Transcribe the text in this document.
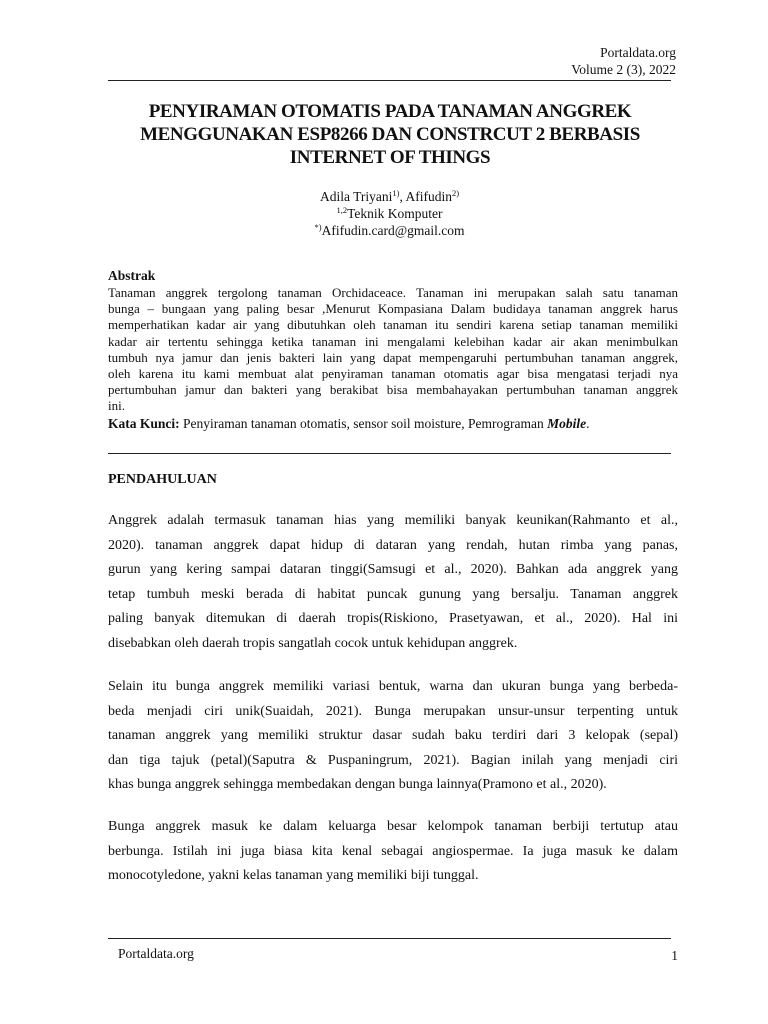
Portaldata.org
Volume 2 (3), 2022
PENYIRAMAN OTOMATIS PADA TANAMAN ANGGREK
MENGGUNAKAN ESP8266 DAN CONSTRCUT 2 BERBASIS
INTERNET OF THINGS
Adila Triyani$^{1)}$, Afifudin$^{2)}$
$^{1,2}$Teknik Komputer
*)Afifudin.card@gmail.com
Abstrak
Tanaman anggrek tergolong tanaman Orchidaceace. Tanaman ini merupakan salah satu tanaman
bunga – bungaan yang paling besar ,Menurut Kompasiana Dalam budidaya tanaman anggrek harus
memperhatikan kadar air yang dibutuhkan oleh tanaman itu sendiri karena setiap tanaman memiliki
kadar air tertentu sehingga ketika tanaman ini mengalami kelebihan kadar air akan menimbulkan
tumbuh nya jamur dan jenis bakteri lain yang dapat mempengaruhi pertumbuhan tanaman anggrek,
oleh karena itu kami membuat alat penyiraman tanaman otomatis agar bisa mengatasi terjadi nya
pertumbuhan jamur dan bakteri yang berakibat bisa membahayakan pertumbuhan tanaman anggrek
ini.
Kata Kunci: Penyiraman tanaman otomatis, sensor soil moisture, Pemrograman Mobile.
PENDAHULUAN
Anggrek adalah termasuk tanaman hias yang memiliki banyak keunikan(Rahmanto et al.,
2020). tanaman anggrek dapat hidup di dataran yang rendah, hutan rimba yang panas,
gurun yang kering sampai dataran tinggi(Samsugi et al., 2020). Bahkan ada anggrek yang
tetap tumbuh meski berada di habitat puncak gunung yang bersalju. Tanaman anggrek
paling banyak ditemukan di daerah tropis(Riskiono, Prasetyawan, et al., 2020). Hal ini
disebabkan oleh daerah tropis sangatlah cocok untuk kehidupan anggrek.
Selain itu bunga anggrek memiliki variasi bentuk, warna dan ukuran bunga yang berbeda-
beda menjadi ciri unik(Suaidah, 2021). Bunga merupakan unsur-unsur terpenting untuk
tanaman anggrek yang memiliki struktur dasar sudah baku terdiri dari 3 kelopak (sepal)
dan tiga tajuk (petal)(Saputra & Puspaningrum, 2021). Bagian inilah yang menjadi ciri
khas bunga anggrek sehingga membedakan dengan bunga lainnya(Pramono et al., 2020).
Bunga anggrek masuk ke dalam keluarga besar kelompok tanaman berbiji tertutup atau
berbunga. Istilah ini juga biasa kita kenal sebagai angiospermae. Ia juga masuk ke dalam
monocotyledone, yakni kelas tanaman yang memiliki biji tunggal.
Portaldata.org	1
